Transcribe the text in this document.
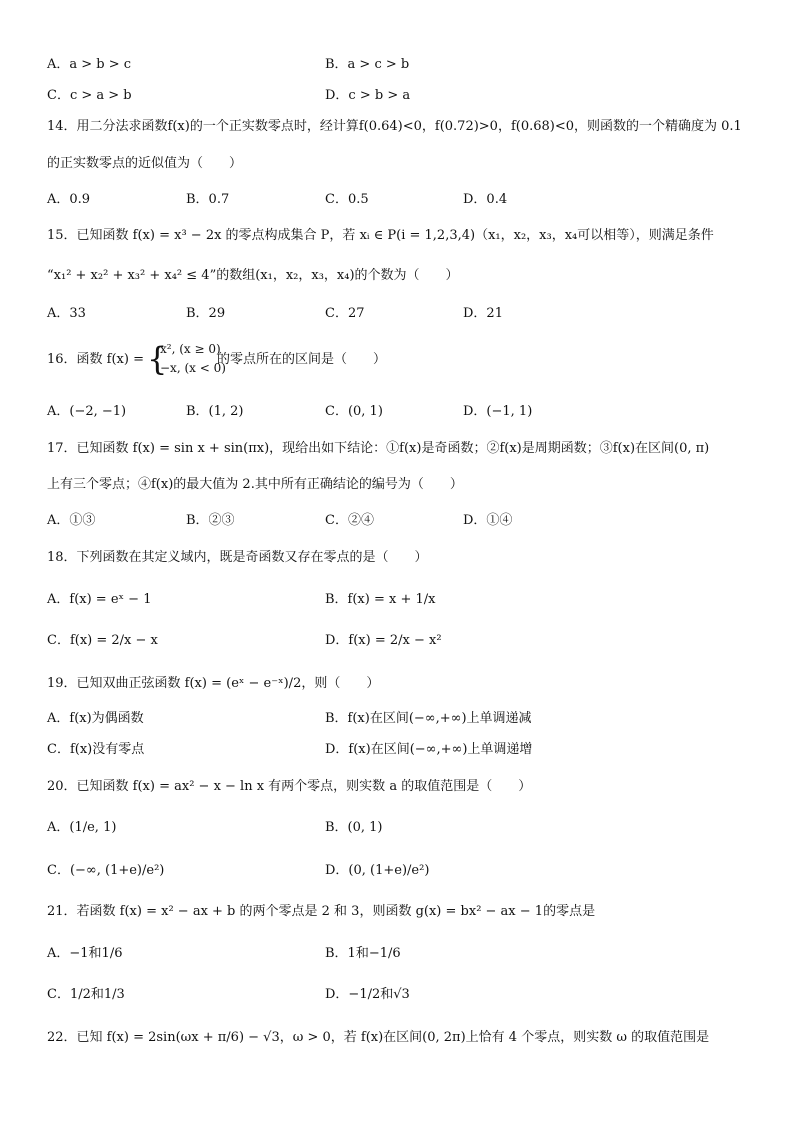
A．a > b > c	B．a > c > b
C．c > a > b	D．c > b > a
14．用二分法求函数f(x)的一个正实数零点时，经计算f(0.64)<0，f(0.72)>0，f(0.68)<0，则函数的一个精确度为 0.1
的正实数零点的近似值为（　　）
A．0.9	B．0.7	C．0.5	D．0.4
15．已知函数 f(x) = x³ − 2x 的零点构成集合 P，若 xᵢ ∈ P(i = 1,2,3,4)（x₁，x₂，x₃，x₄可以相等），则满足条件
“x₁² + x₂² + x₃² + x₄² ≤ 4”的数组(x₁，x₂，x₃，x₄)的个数为（　　）
A．33	B．29	C．27	D．21
16．函数 f(x) = {
x², (x ≥ 0)
−x, (x < 0)
的零点所在的区间是（　　）
A．(−2, −1)	B．(1, 2)	C．(0, 1)	D．(−1, 1)
17．已知函数 f(x) = sin x + sin(πx)，现给出如下结论：①f(x)是奇函数；②f(x)是周期函数；③f(x)在区间(0, π)
上有三个零点；④f(x)的最大值为 2.其中所有正确结论的编号为（　　）
A．①③	B．②③	C．②④	D．①④
18．下列函数在其定义域内，既是奇函数又存在零点的是（　　）
A．f(x) = eˣ − 1	B．f(x) = x + 1/x
C．f(x) = 2/x − x	D．f(x) = 2/x − x²
19．已知双曲正弦函数 f(x) = (eˣ − e⁻ˣ)/2，则（　　）
A．f(x)为偶函数	B．f(x)在区间(−∞,+∞)上单调递减
C．f(x)没有零点	D．f(x)在区间(−∞,+∞)上单调递增
20．已知函数 f(x) = ax² − x − ln x 有两个零点，则实数 a 的取值范围是（　　）
A．(1/e, 1)	B．(0, 1)
C．(−∞, (1+e)/e²)	D．(0, (1+e)/e²)
21．若函数 f(x) = x² − ax + b 的两个零点是 2 和 3，则函数 g(x) = bx² − ax − 1的零点是
A．−1和1/6	B．1和−1/6
C．1/2和1/3	D．−1/2和√3
22．已知 f(x) = 2sin(ωx + π/6) − √3，ω > 0，若 f(x)在区间(0, 2π)上恰有 4 个零点，则实数 ω 的取值范围是
